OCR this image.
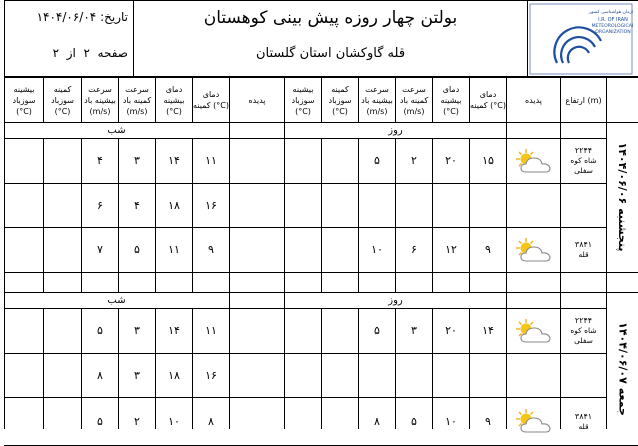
تاریخ: ۱۴۰۴/۰۶/۰۴
صفحه  ۲  از  ۲
بولتن چهار روزه پیش بینی کوهستان
قله گاوکشان استان گلستان
سازمان هواشناسی کشور
I.R. OF IRAN
METEOROLOGICAL
ORGANIZATION
ارتفاع (m)
پدیده
دمای کمینه (°C)
دمای بیشینه (°C)
سرعت کمینه باد (m/s)
سرعت بیشینه باد (m/s)
کمینه سوزباد (°C)
بیشینه سوزباد (°C)
پدیده
دمای کمینه (°C)
دمای بیشینه (°C)
سرعت کمینه باد (m/s)
سرعت بیشینه باد (m/s)
کمینه سوزباد (°C)
بیشینه سوزباد (°C)
روز
شب
پنجشنبه ۱۴۰۴/۰۶/۰۶
۲۲۴۴
شاه کوه سفلی
۱۵
۲۰
۲
۵
۱۱
۱۴
۳
۴
۱۶
۱۸
۴
۶
۳۸۴۱
قله
۹
۱۲
۶
۱۰
۹
۱۱
۵
۷
روز
شب
جمعه ۱۴۰۴/۰۶/۰۷
۲۲۴۴
شاه کوه سفلی
۱۴
۲۰
۳
۵
۱۱
۱۴
۳
۵
۱۶
۱۸
۳
۸
۳۸۴۱
قله
۹
۱۰
۵
۸
۸
۱۰
۲
۵
